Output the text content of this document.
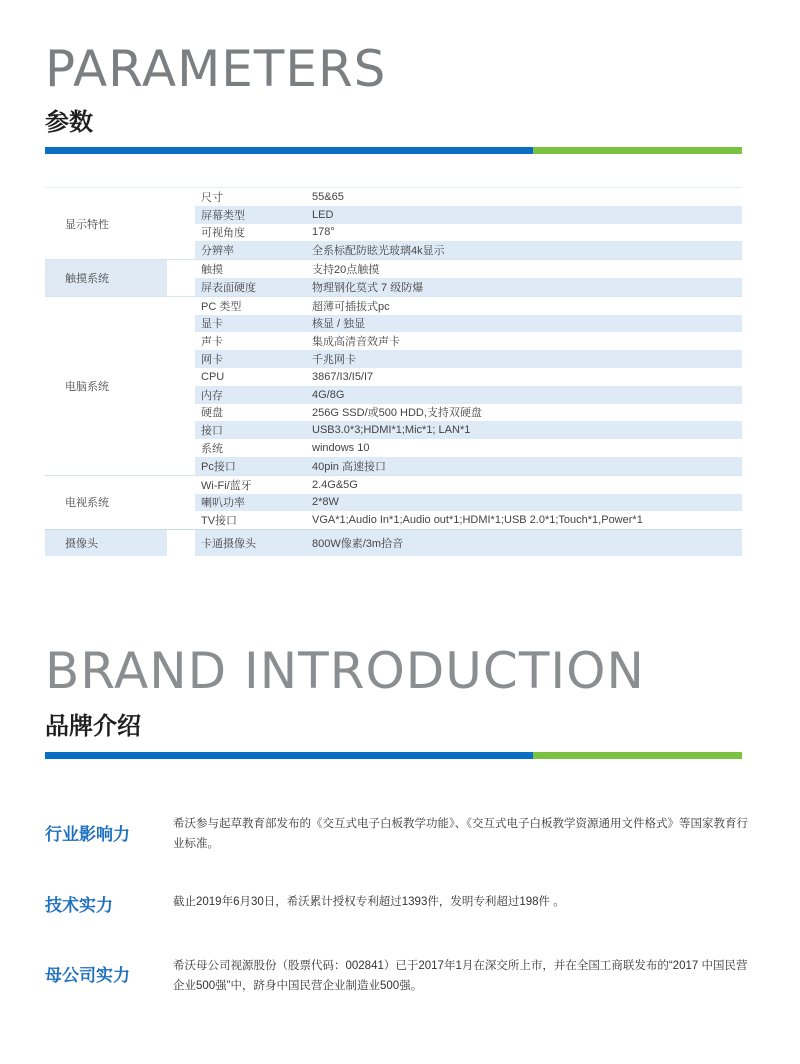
PARAMETERS
参数
显示特性
尺寸	55&65
屏幕类型	LED
可视角度	178°
分辨率	全系标配防眩光玻璃4k显示
触摸系统
触摸	支持20点触摸
屏表面硬度	物理钢化莫式 7 级防爆
电脑系统
PC 类型	超薄可插拔式pc
显卡	核显 / 独显
声卡	集成高清音效声卡
网卡	千兆网卡
CPU	3867/I3/I5/I7
内存	4G/8G
硬盘	256G SSD/或500 HDD,支持双硬盘
接口	USB3.0*3;HDMI*1;Mic*1; LAN*1
系统	windows 10
Pc接口	40pin 高速接口
电视系统
Wi-Fi/蓝牙	2.4G&5G
喇叭功率	2*8W
TV接口	VGA*1;Audio In*1;Audio out*1;HDMI*1;USB 2.0*1;Touch*1,Power*1
摄像头	卡通摄像头	800W像素/3m拾音
BRAND INTRODUCTION
品牌介绍
行业影响力
希沃参与起草教育部发布的《交互式电子白板教学功能》、《交互式电子白板教学资源通用文件格式》等国家教育行业标准。
技术实力	截止2019年6月30日，希沃累计授权专利超过1393件，发明专利超过198件 。
母公司实力	希沃母公司视源股份（股票代码：002841）已于2017年1月在深交所上市，并在全国工商联发布的“2017 中国民营企业500强”中，跻身中国民营企业制造业500强。
